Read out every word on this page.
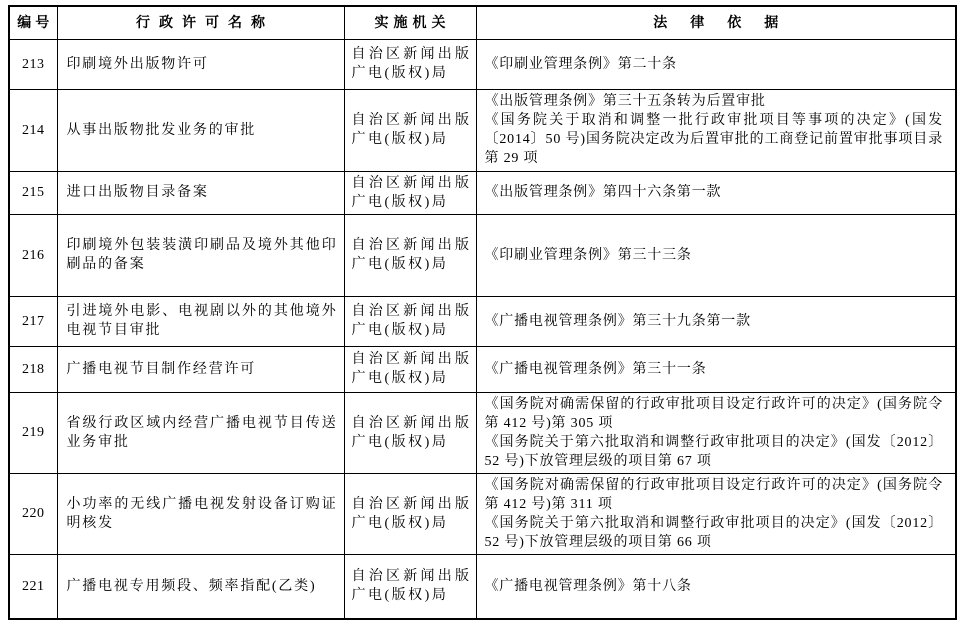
编号	行政许可名称	实施机关	法律依据
213	印刷境外出版物许可	自治区新闻出版广电(版权)局	《印刷业管理条例》第二十条

214	从事出版物批发业务的审批	自治区新闻出版广电(版权)局	《出版管理条例》第三十五条转为后置审批
《国务院关于取消和调整一批行政审批项目等事项的决定》(国发〔2014〕50 号)国务院决定改为后置审批的工商登记前置审批事项目录第 29 项

215	进口出版物目录备案	自治区新闻出版广电(版权)局	《出版管理条例》第四十六条第一款

216	印刷境外包装装潢印刷品及境外其他印刷品的备案	自治区新闻出版广电(版权)局	《印刷业管理条例》第三十三条

217	引进境外电影、电视剧以外的其他境外电视节目审批	自治区新闻出版广电(版权)局	《广播电视管理条例》第三十九条第一款

218	广播电视节目制作经营许可	自治区新闻出版广电(版权)局	《广播电视管理条例》第三十一条

219	省级行政区域内经营广播电视节目传送业务审批	自治区新闻出版广电(版权)局	《国务院对确需保留的行政审批项目设定行政许可的决定》(国务院令第 412 号)第 305 项
《国务院关于第六批取消和调整行政审批项目的决定》(国发〔2012〕52 号)下放管理层级的项目第 67 项

220	小功率的无线广播电视发射设备订购证明核发	自治区新闻出版广电(版权)局	《国务院对确需保留的行政审批项目设定行政许可的决定》(国务院令第 412 号)第 311 项
《国务院关于第六批取消和调整行政审批项目的决定》(国发〔2012〕52 号)下放管理层级的项目第 66 项

221	广播电视专用频段、频率指配(乙类)	自治区新闻出版广电(版权)局	《广播电视管理条例》第十八条
